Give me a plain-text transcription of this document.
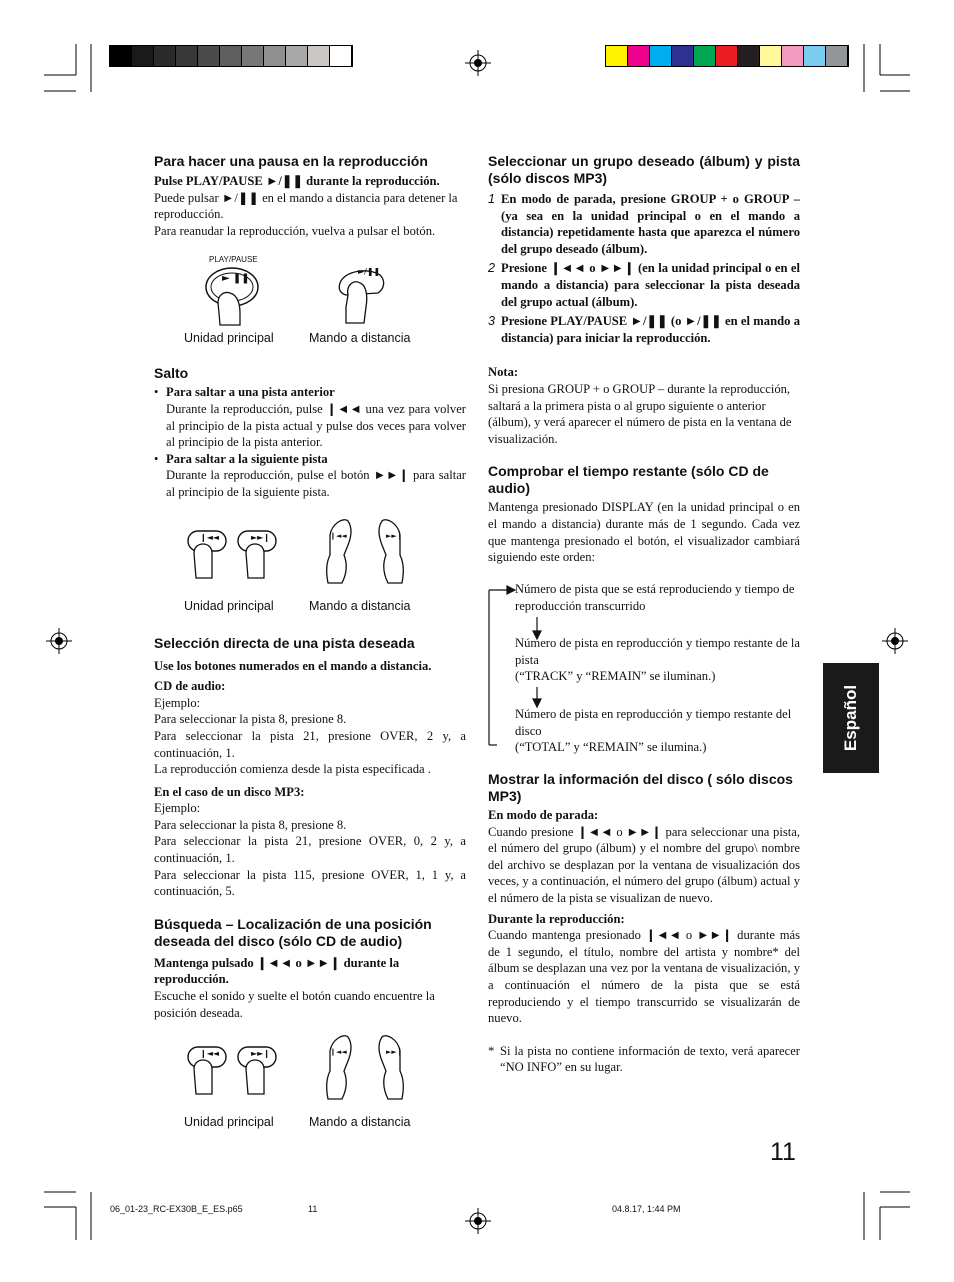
Para hacer una pausa en la reproducción

Pulse PLAY/PAUSE ►/❚❚ durante la reproducción.

Puede pulsar ►/❚❚ en el mando a distancia para detener la reproducción.

Para reanudar la reproducción, vuelva a pulsar el botón.

PLAY/PAUSE
► ❚❚
►/❚❚
Unidad principal	Mando a distancia
Salto
• Para saltar a una pista anterior
Durante la reproducción, pulse ❙◄◄ una vez para volver al principio de la pista actual y pulse dos veces para volver al principio de la pista anterior.
• Para saltar a la siguiente pista
Durante la reproducción, pulse el botón ►►❙ para saltar al principio de la siguiente pista.
❙◄◄	►►❙	❙◄◄	►►❙
Unidad principal	Mando a distancia
Selección directa de una pista deseada

Use los botones numerados en el mando a distancia.

CD de audio:

Ejemplo:

Para seleccionar la pista 8, presione 8.

Para seleccionar la pista 21, presione OVER, 2 y, a continuación, 1.

La reproducción comienza desde la pista especificada .

En el caso de un disco MP3:

Ejemplo:

Para seleccionar la pista 8, presione 8.

Para seleccionar la pista 21, presione OVER, 0, 2 y, a continuación, 1.

Para seleccionar la pista 115, presione OVER, 1, 1 y, a continuación, 5.

Búsqueda – Localización de una posición deseada del disco (sólo CD de audio)

Mantenga pulsado ❙◄◄ o ►►❙ durante la reproducción.

Escuche el sonido y suelte el botón cuando encuentre la posición deseada.

❙◄◄	►►❙	❙◄◄	►►❙
Unidad principal	Mando a distancia
Seleccionar un grupo deseado (álbum) y pista (sólo discos MP3)
1 En modo de parada, presione GROUP + o GROUP – (ya sea en la unidad principal o en el mando a distancia) repetidamente hasta que aparezca el número del grupo deseado (álbum).
2 Presione ❙◄◄ o ►►❙ (en la unidad principal o en el mando a distancia) para seleccionar la pista deseada del grupo actual (álbum).
3 Presione PLAY/PAUSE ►/❚❚ (o ►/❚❚ en el mando a distancia) para iniciar la reproducción.

Nota:

Si presiona GROUP + o GROUP – durante la reproducción, saltará a la primera pista o al grupo siguiente o anterior (álbum), y verá aparecer el número de pista en la ventana de visualización.

Comprobar el tiempo restante (sólo CD de audio)

Mantenga presionado DISPLAY (en la unidad principal o en el mando a distancia) durante más de 1 segundo. Cada vez que mantenga presionado el botón, el visualizador cambiará siguiendo este orden:

Número de pista que se está reproduciendo y tiempo de reproducción transcurrido
Número de pista en reproducción y tiempo restante de la pista
(“TRACK” y “REMAIN” se iluminan.)
Número de pista en reproducción y tiempo restante del disco
(“TOTAL” y “REMAIN” se ilumina.)
Mostrar la información del disco ( sólo discos MP3)

En modo de parada:

Cuando presione ❙◄◄ o ►►❙ para seleccionar una pista, el número del grupo (álbum) y el nombre del grupo\ nombre del archivo se desplazan por la ventana de visualización dos veces, y a continuación, el número del grupo (álbum) actual y el número de la pista se visualizan de nuevo.

Durante la reproducción:

Cuando mantenga presionado ❙◄◄ o ►►❙ durante más de 1 segundo, el título, nombre del artista y nombre* del álbum se desplazan una vez por la ventana de visualización, y a continuación el número de la pista que se está reproduciendo y el tiempo transcurrido se visualizarán de nuevo.

* Si la pista no contiene información de texto, verá aparecer “NO INFO” en su lugar.
Español
11
06_01-23_RC-EX30B_E_ES.p65	11	04.8.17, 1:44 PM
